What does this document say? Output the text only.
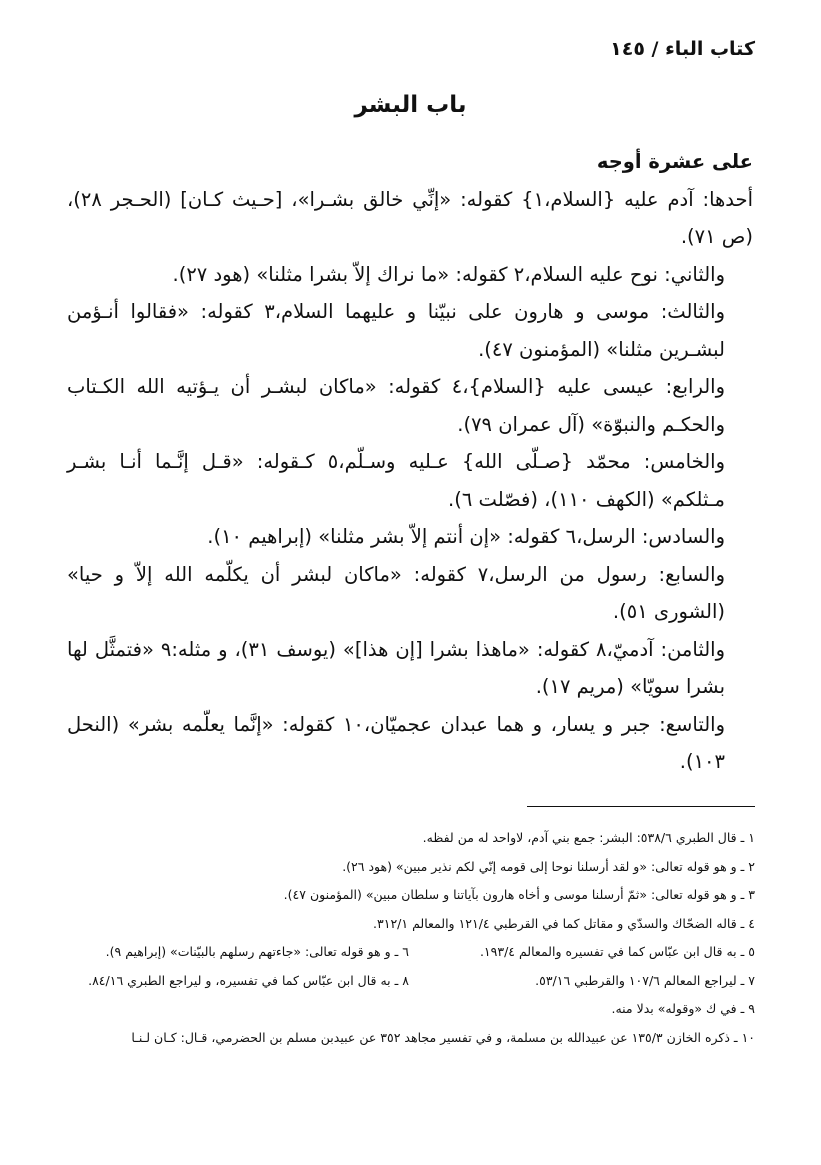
كتاب الباء / ١٤٥
باب البشر

على عشرة أوجه

أحدها: آدم عليه {السلام،١} كقوله: «إنِّي خالق بشـرا»، [حـيث كـان] (الحـجر ٢٨)، (ص ٧١).

والثاني: نوح عليه السلام،٢ كقوله: «ما نراك إلاّ بشرا مثلنا» (هود ٢٧).

والثالث: موسى و هارون على نبيّنا و عليهما السلام،٣ كقوله: «فقالوا أنـؤمن لبشـرين مثلنا» (المؤمنون ٤٧).

والرابع: عيسى عليه {السلام}،٤ كقوله: «ماكان لبشـر أن يـؤتيه الله الكـتاب والحكـم والنبوّة» (آل عمران ٧٩).

والخامس: محمّد {صـلّى الله} عـليه وسـلّم،٥ كـقوله: «قـل إنَّـما أنـا بشـر مـثلكم» (الكهف ١١٠)، (فصّلت ٦).

والسادس: الرسل،٦ كقوله: «إن أنتم إلاّ بشر مثلنا» (إبراهيم ١٠).

والسابع: رسول من الرسل،٧ كقوله: «ماكان لبشر أن يكلّمه الله إلاّ و حيا» (الشورى ٥١).

والثامن: آدميّ،٨ كقوله: «ماهذا بشرا [إن هذا]» (يوسف ٣١)، و مثله:٩ «فتمثَّل لها بشرا سويّا» (مريم ١٧).

والتاسع: جبر و يسار، و هما عبدان عجميّان،١٠ كقوله: «إنَّما يعلّمه بشر» (النحل ١٠٣).

١ ـ قال الطبري ٥٣٨/٦: البشر: جمع بني آدم، لاواحد له من لفظه.
٢ ـ و هو قوله تعالى: «و لقد أرسلنا نوحا إلى قومه إنّي لكم نذير مبين» (هود ٢٦).
٣ ـ و هو قوله تعالى: «ثمّ أرسلنا موسى و أخاه هارون بآياتنا و سلطان مبين» (المؤمنون ٤٧).
٤ ـ قاله الضحّاك والسدّي و مقاتل كما في القرطبي ١٢١/٤ والمعالم ٣١٢/١.
٥ ـ به قال ابن عبّاس كما في تفسيره والمعالم ١٩٣/٤.
٦ ـ و هو قوله تعالى: «جاءتهم رسلهم بالبيّنات» (إبراهيم ٩).
٧ ـ ليراجع المعالم ١٠٧/٦ والقرطبي ٥٣/١٦.
٨ ـ به قال ابن عبّاس كما في تفسيره، و ليراجع الطبري ٨٤/١٦.
٩ ـ في ك «وقوله» بدلا منه.
١٠ ـ ذكره الخازن ١٣٥/٣ عن عبيدالله بن مسلمة، و في تفسير مجاهد ٣٥٢ عن عبيدبن مسلم بن الحضرمي، قـال: كـان لـنـا
